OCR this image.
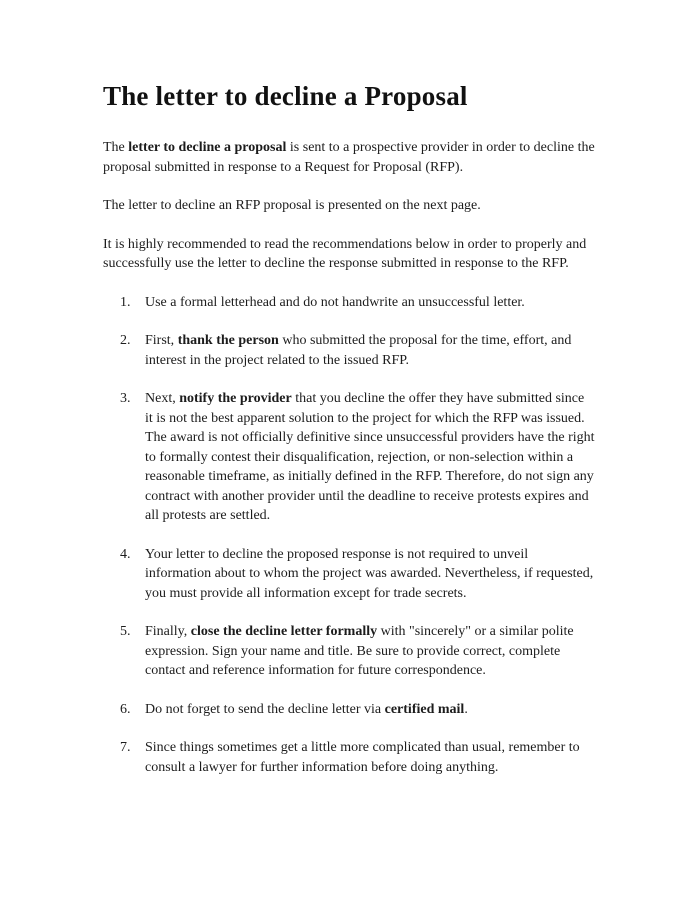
The letter to decline a Proposal

The letter to decline a proposal is sent to a prospective provider in order to decline the proposal submitted in response to a Request for Proposal (RFP).

The letter to decline an RFP proposal is presented on the next page.

It is highly recommended to read the recommendations below in order to properly and successfully use the letter to decline the response submitted in response to the RFP.

1.	Use a formal letterhead and do not handwrite an unsuccessful letter.
2.	First, thank the person who submitted the proposal for the time, effort, and interest in the project related to the issued RFP.
3.	Next, notify the provider that you decline the offer they have submitted since it is not the best apparent solution to the project for which the RFP was issued. The award is not officially definitive since unsuccessful providers have the right to formally contest their disqualification, rejection, or non-selection within a reasonable timeframe, as initially defined in the RFP. Therefore, do not sign any contract with another provider until the deadline to receive protests expires and all protests are settled.
4.	Your letter to decline the proposed response is not required to unveil information about to whom the project was awarded. Nevertheless, if requested, you must provide all information except for trade secrets.
5.	Finally, close the decline letter formally with "sincerely" or a similar polite expression. Sign your name and title. Be sure to provide correct, complete contact and reference information for future correspondence.
6.	Do not forget to send the decline letter via certified mail.
7.	Since things sometimes get a little more complicated than usual, remember to consult a lawyer for further information before doing anything.
